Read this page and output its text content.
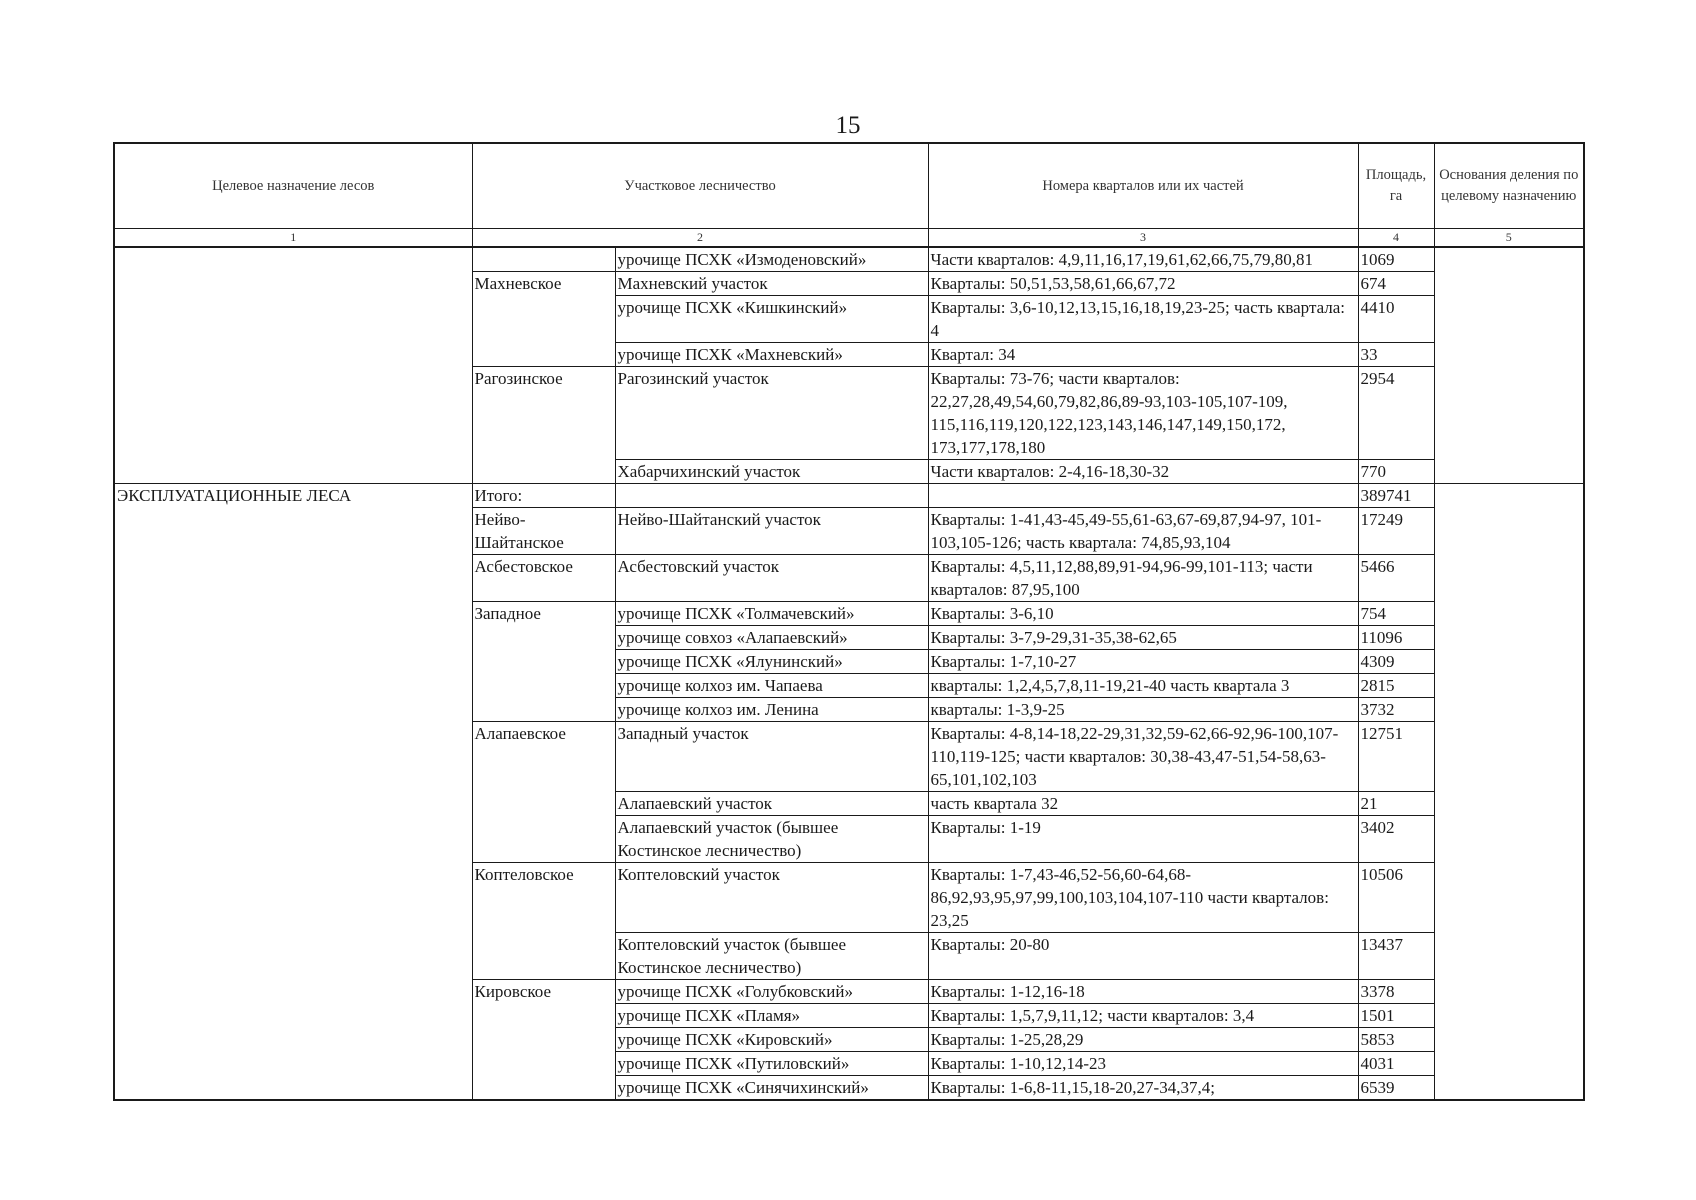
15
Целевое назначение лесов	Участковое лесничество		Номера кварталов или их частей	Площадь, га	Основания деления по целевому назначению
1	2		3	4	5
		урочище ПСХК «Измоденовский»	Части кварталов: 4,9,11,16,17,19,61,62,66,75,79,80,81	1069	
	Махневское	Махневский участок	Кварталы: 50,51,53,58,61,66,67,72	674	
		урочище ПСХК «Кишкинский»	Кварталы: 3,6-10,12,13,15,16,18,19,23-25; часть квартала: 4	4410	
		урочище ПСХК «Махневский»	Квартал: 34	33	
	Рагозинское	Рагозинский участок	Кварталы: 73-76; части кварталов: 22,27,28,49,54,60,79,82,86,89-93,103-105,107-109, 115,116,119,120,122,123,143,146,147,149,150,172, 173,177,178,180	2954	
		Хабарчихинский участок	Части кварталов: 2-4,16-18,30-32	770	
ЭКСПЛУАТАЦИОННЫЕ ЛЕСА	Итого:			389741	
	Нейво-Шайтанское	Нейво-Шайтанский участок	Кварталы: 1-41,43-45,49-55,61-63,67-69,87,94-97, 101-103,105-126; часть квартала: 74,85,93,104	17249	
	Асбестовское	Асбестовский участок	Кварталы: 4,5,11,12,88,89,91-94,96-99,101-113; части кварталов: 87,95,100	5466	
	Западное	урочище ПСХК «Толмачевский»	Кварталы: 3-6,10	754	
		урочище совхоз «Алапаевский»	Кварталы: 3-7,9-29,31-35,38-62,65	11096	
		урочище ПСХК «Ялунинский»	Кварталы: 1-7,10-27	4309	
		урочище колхоз им. Чапаева	кварталы: 1,2,4,5,7,8,11-19,21-40 часть квартала 3	2815	
		урочище колхоз им. Ленина	кварталы: 1-3,9-25	3732	
	Алапаевское	Западный участок	Кварталы: 4-8,14-18,22-29,31,32,59-62,66-92,96-100,107-110,119-125; части кварталов: 30,38-43,47-51,54-58,63-65,101,102,103	12751	
		Алапаевский участок	часть квартала 32	21	
		Алапаевский участок (бывшее Костинское лесничество)	Кварталы: 1-19	3402	
	Коптеловское	Коптеловский участок	Кварталы: 1-7,43-46,52-56,60-64,68-86,92,93,95,97,99,100,103,104,107-110 части кварталов: 23,25	10506	
		Коптеловский участок (бывшее Костинское лесничество)	Кварталы: 20-80	13437	
	Кировское	урочище ПСХК «Голубковский»	Кварталы: 1-12,16-18	3378	
		урочище ПСХК «Пламя»	Кварталы: 1,5,7,9,11,12; части кварталов: 3,4	1501	
		урочище ПСХК «Кировский»	Кварталы: 1-25,28,29	5853	
		урочище ПСХК «Путиловский»	Кварталы: 1-10,12,14-23	4031	
		урочище ПСХК «Синячихинский»	Кварталы: 1-6,8-11,15,18-20,27-34,37,4;	6539	
